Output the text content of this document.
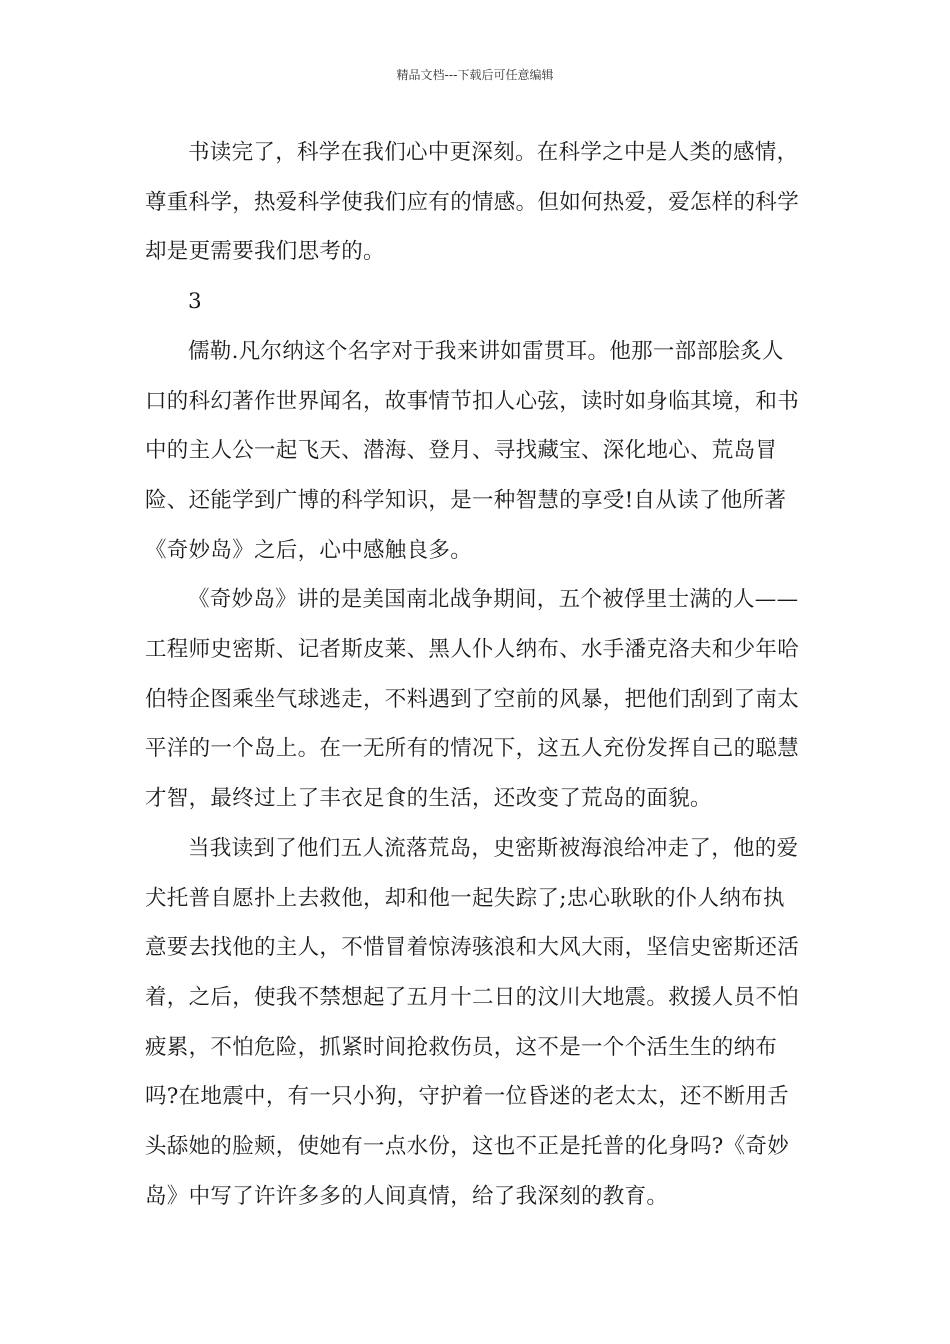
精品文档---下载后可任意编辑

书读完了，科学在我们心中更深刻。在科学之中是人类的感情，尊重科学，热爱科学使我们应有的情感。但如何热爱，爱怎样的科学却是更需要我们思考的。

3

儒勒.凡尔纳这个名字对于我来讲如雷贯耳。他那一部部脍炙人口的科幻著作世界闻名，故事情节扣人心弦，读时如身临其境，和书中的主人公一起飞天、潜海、登月、寻找藏宝、深化地心、荒岛冒险、还能学到广博的科学知识，是一种智慧的享受!自从读了他所著《奇妙岛》之后，心中感触良多。

《奇妙岛》讲的是美国南北战争期间，五个被俘里士满的人——工程师史密斯、记者斯皮莱、黑人仆人纳布、水手潘克洛夫和少年哈伯特企图乘坐气球逃走，不料遇到了空前的风暴，把他们刮到了南太平洋的一个岛上。在一无所有的情况下，这五人充份发挥自己的聪慧才智，最终过上了丰衣足食的生活，还改变了荒岛的面貌。

当我读到了他们五人流落荒岛，史密斯被海浪给冲走了，他的爱犬托普自愿扑上去救他，却和他一起失踪了;忠心耿耿的仆人纳布执意要去找他的主人，不惜冒着惊涛骇浪和大风大雨，坚信史密斯还活着，之后，使我不禁想起了五月十二日的汶川大地震。救援人员不怕疲累，不怕危险，抓紧时间抢救伤员，这不是一个个活生生的纳布吗?在地震中，有一只小狗，守护着一位昏迷的老太太，还不断用舌头舔她的脸颊，使她有一点水份，这也不正是托普的化身吗?《奇妙岛》中写了许许多多的人间真情，给了我深刻的教育。
